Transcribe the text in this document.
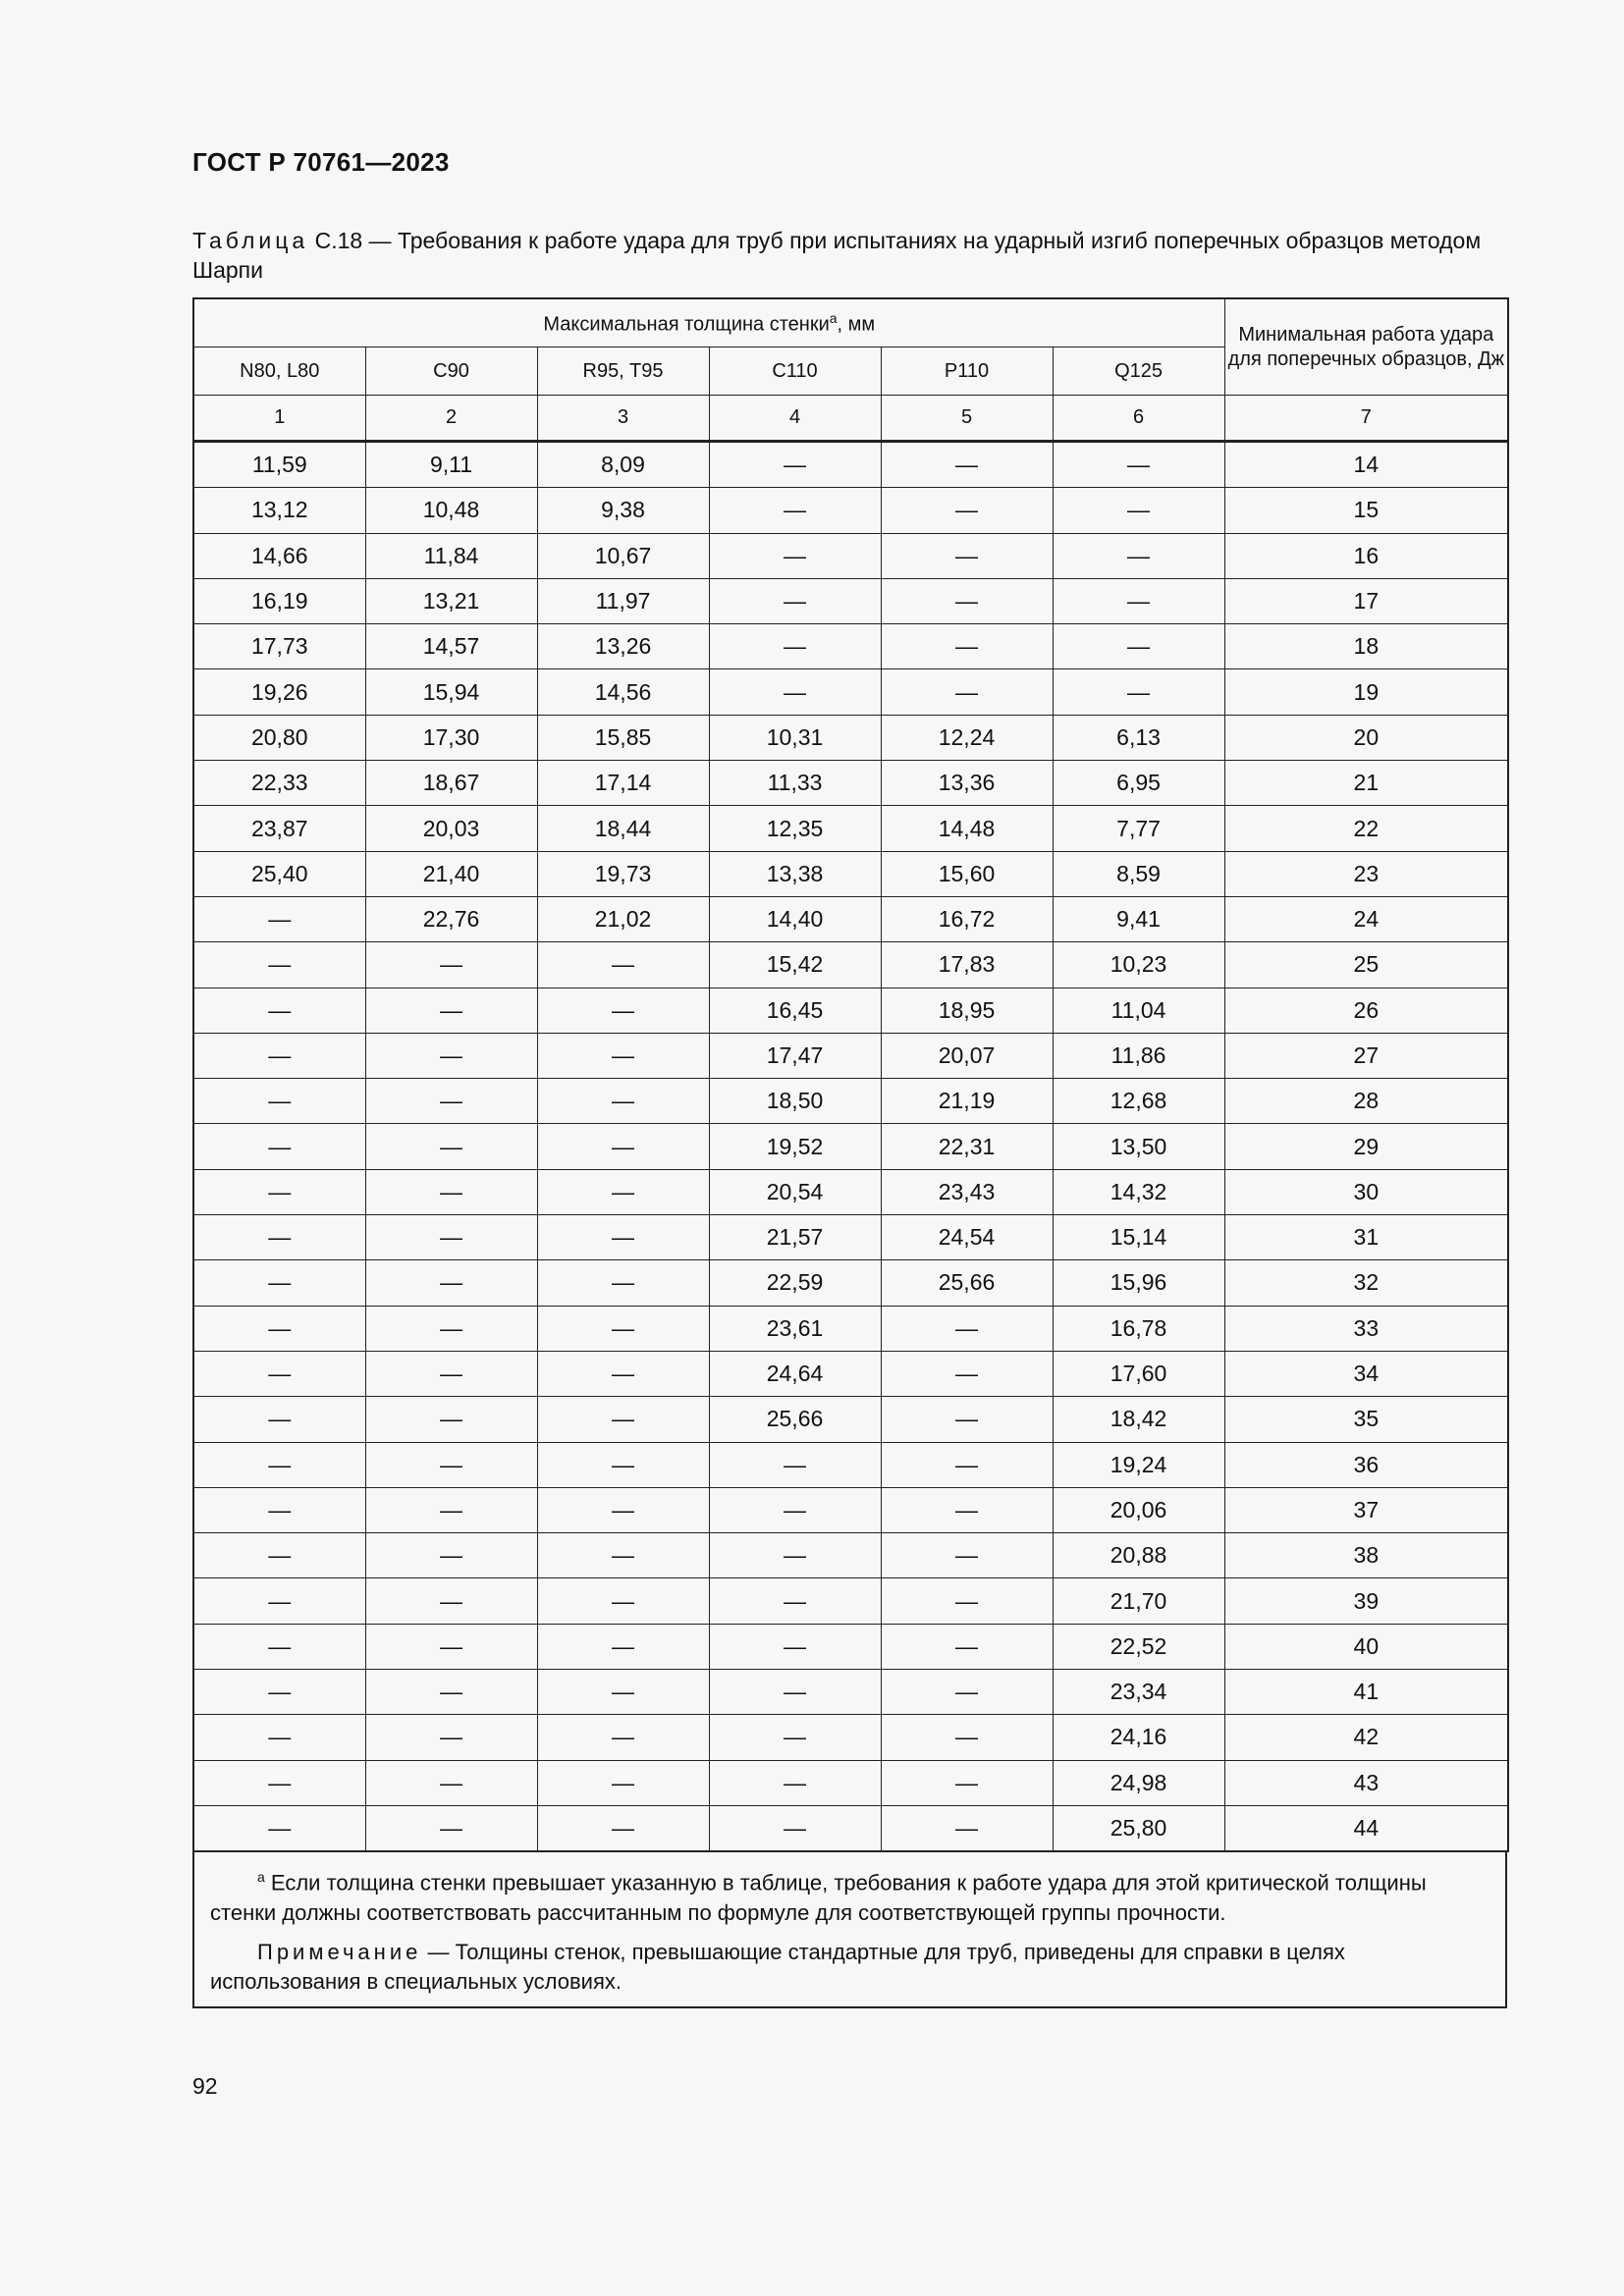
ГОСТ Р 70761—2023
Таблица С.18 — Требования к работе удара для труб при испытаниях на ударный изгиб поперечных образцов методом Шарпи
Максимальная толщина стенки$^a$, мм						Минимальная работа удара для поперечных образцов, Дж
N80, L80	C90	R95, T95	C110	P110	Q125	
1	2	3	4	5	6	7
11,59	9,11	8,09	—	—	—	14
13,12	10,48	9,38	—	—	—	15
14,66	11,84	10,67	—	—	—	16
16,19	13,21	11,97	—	—	—	17
17,73	14,57	13,26	—	—	—	18
19,26	15,94	14,56	—	—	—	19
20,80	17,30	15,85	10,31	12,24	6,13	20
22,33	18,67	17,14	11,33	13,36	6,95	21
23,87	20,03	18,44	12,35	14,48	7,77	22
25,40	21,40	19,73	13,38	15,60	8,59	23
—	22,76	21,02	14,40	16,72	9,41	24
—	—	—	15,42	17,83	10,23	25
—	—	—	16,45	18,95	11,04	26
—	—	—	17,47	20,07	11,86	27
—	—	—	18,50	21,19	12,68	28
—	—	—	19,52	22,31	13,50	29
—	—	—	20,54	23,43	14,32	30
—	—	—	21,57	24,54	15,14	31
—	—	—	22,59	25,66	15,96	32
—	—	—	23,61	—	16,78	33
—	—	—	24,64	—	17,60	34
—	—	—	25,66	—	18,42	35
—	—	—	—	—	19,24	36
—	—	—	—	—	20,06	37
—	—	—	—	—	20,88	38
—	—	—	—	—	21,70	39
—	—	—	—	—	22,52	40
—	—	—	—	—	23,34	41
—	—	—	—	—	24,16	42
—	—	—	—	—	24,98	43
—	—	—	—	—	25,80	44

$^a$ Если толщина стенки превышает указанную в таблице, требования к работе удара для этой критической толщины стенки должны соответствовать рассчитанным по формуле для соответствующей группы прочности.

Примечание — Толщины стенок, превышающие стандартные для труб, приведены для справки в целях использования в специальных условиях.

92
